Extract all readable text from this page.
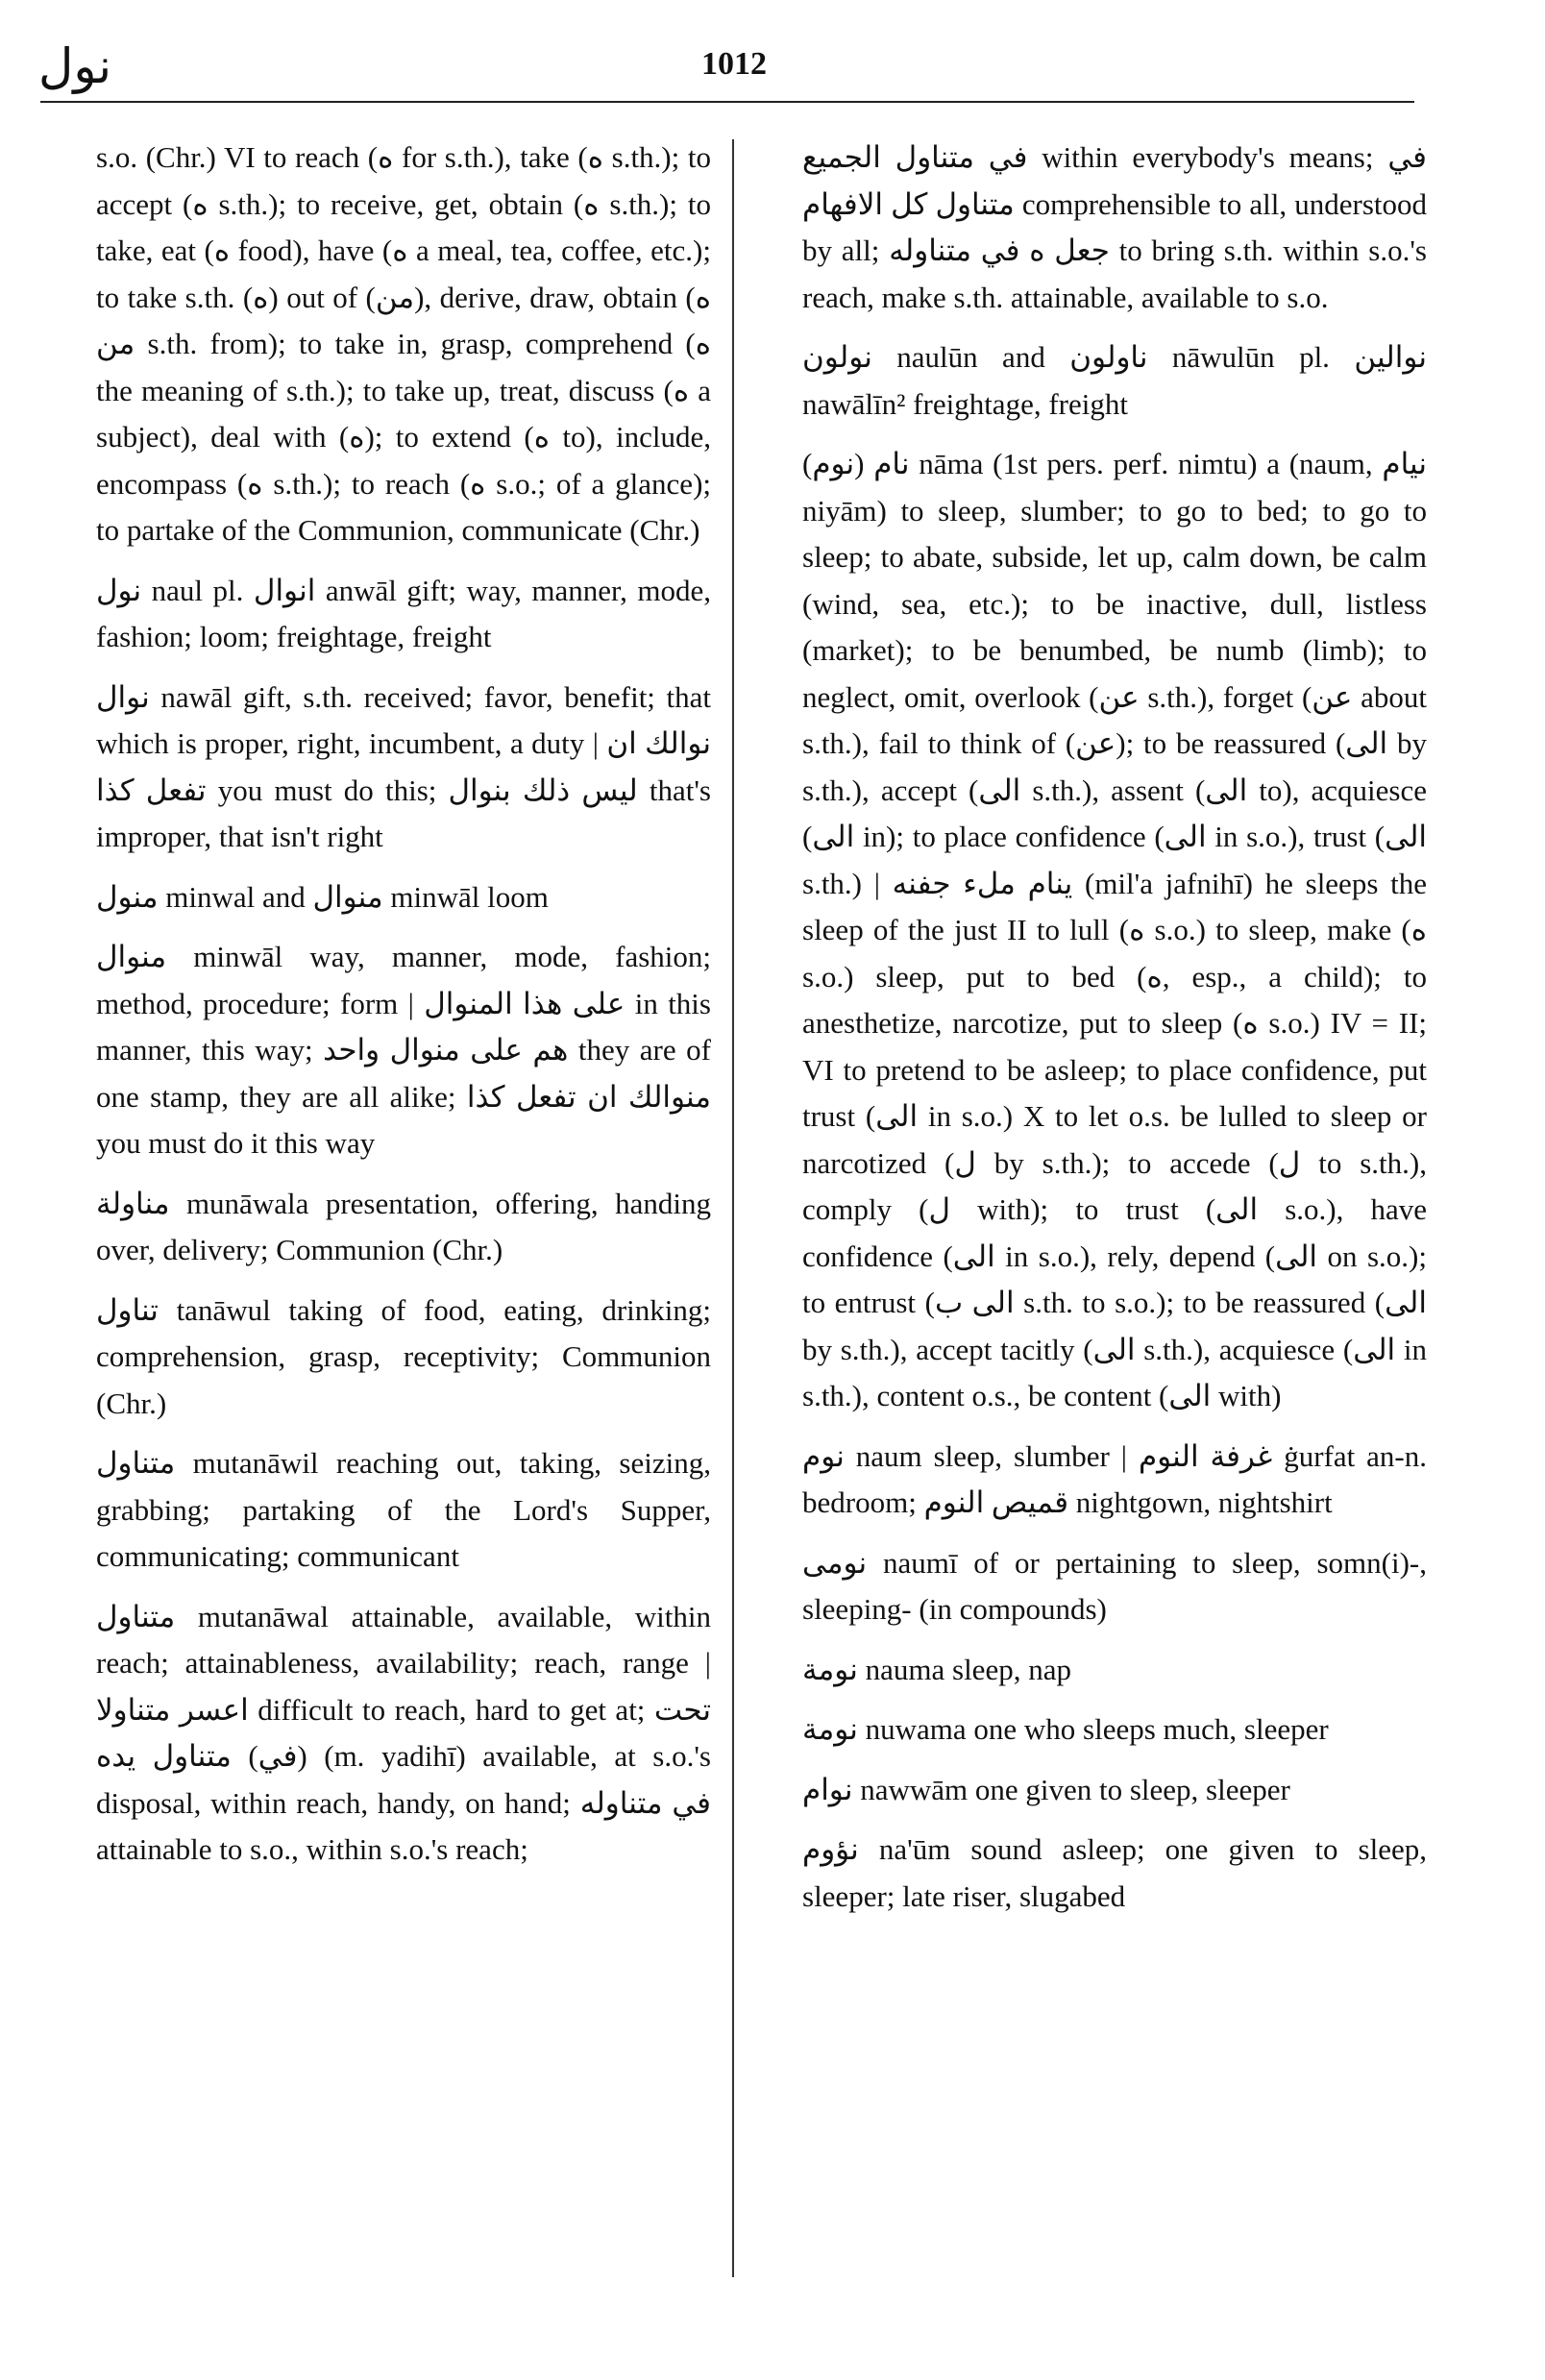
نول	1012

s.o. (Chr.) VI to reach (ه for s.th.), take (ه s.th.); to accept (ه s.th.); to receive, get, obtain (ه s.th.); to take, eat (ه food), have (ه a meal, tea, coffee, etc.); to take s.th. (ه) out of (من), derive, draw, obtain (ه من s.th. from); to take in, grasp, comprehend (ه the meaning of s.th.); to take up, treat, discuss (ه a subject), deal with (ه); to extend (ه to), include, encompass (ه s.th.); to reach (ه s.o.; of a glance); to partake of the Communion, communicate (Chr.)

نول naul pl. انوال anwāl gift; way, manner, mode, fashion; loom; freightage, freight

نوال nawāl gift, s.th. received; favor, benefit; that which is proper, right, incumbent, a duty | نوالك ان تفعل كذا you must do this; ليس ذلك بنوال that's improper, that isn't right

منول minwal and منوال minwāl loom

منوال minwāl way, manner, mode, fashion; method, procedure; form | على هذا المنوال in this manner, this way; هم على منوال واحد they are of one stamp, they are all alike; منوالك ان تفعل كذا you must do it this way

مناولة munāwala presentation, offering, handing over, delivery; Communion (Chr.)

تناول tanāwul taking of food, eating, drinking; comprehension, grasp, receptivity; Communion (Chr.)

متناول mutanāwil reaching out, taking, seizing, grabbing; partaking of the Lord's Supper, communicating; communicant

متناول mutanāwal attainable, available, within reach; attainableness, availability; reach, range | اعسر متناولا difficult to reach, hard to get at; تحت (في) متناول يده (m. yadihī) available, at s.o.'s disposal, within reach, handy, on hand; في متناوله attainable to s.o., within s.o.'s reach;

في متناول الجميع within everybody's means; في متناول كل الافهام comprehensible to all, understood by all; جعل ه في متناوله to bring s.th. within s.o.'s reach, make s.th. attainable, available to s.o.

نولون naulūn and ناولون nāwulūn pl. نوالين nawālīn² freightage, freight

(نوم) نام nāma (1st pers. perf. nimtu) a (naum, نيام niyām) to sleep, slumber; to go to bed; to go to sleep; to abate, subside, let up, calm down, be calm (wind, sea, etc.); to be inactive, dull, listless (market); to be benumbed, be numb (limb); to neglect, omit, overlook (عن s.th.), forget (عن about s.th.), fail to think of (عن); to be reassured (الى by s.th.), accept (الى s.th.), assent (الى to), acquiesce (الى in); to place confidence (الى in s.o.), trust (الى s.th.) | ينام ملء جفنه (mil'a jafnihī) he sleeps the sleep of the just II to lull (ه s.o.) to sleep, make (ه s.o.) sleep, put to bed (ه, esp., a child); to anesthetize, narcotize, put to sleep (ه s.o.) IV = II; VI to pretend to be asleep; to place confidence, put trust (الى in s.o.) X to let o.s. be lulled to sleep or narcotized (ل by s.th.); to accede (ل to s.th.), comply (ل with); to trust (الى s.o.), have confidence (الى in s.o.), rely, depend (الى on s.o.); to entrust (الى ب s.th. to s.o.); to be reassured (الى by s.th.), accept tacitly (الى s.th.), acquiesce (الى in s.th.), content o.s., be content (الى with)

نوم naum sleep, slumber | غرفة النوم ġurfat an-n. bedroom; قميص النوم nightgown, nightshirt

نومى naumī of or pertaining to sleep, somn(i)-, sleeping- (in compounds)

نومة nauma sleep, nap

نومة nuwama one who sleeps much, sleeper

نوام nawwām one given to sleep, sleeper

نؤوم na'ūm sound asleep; one given to sleep, sleeper; late riser, slugabed
